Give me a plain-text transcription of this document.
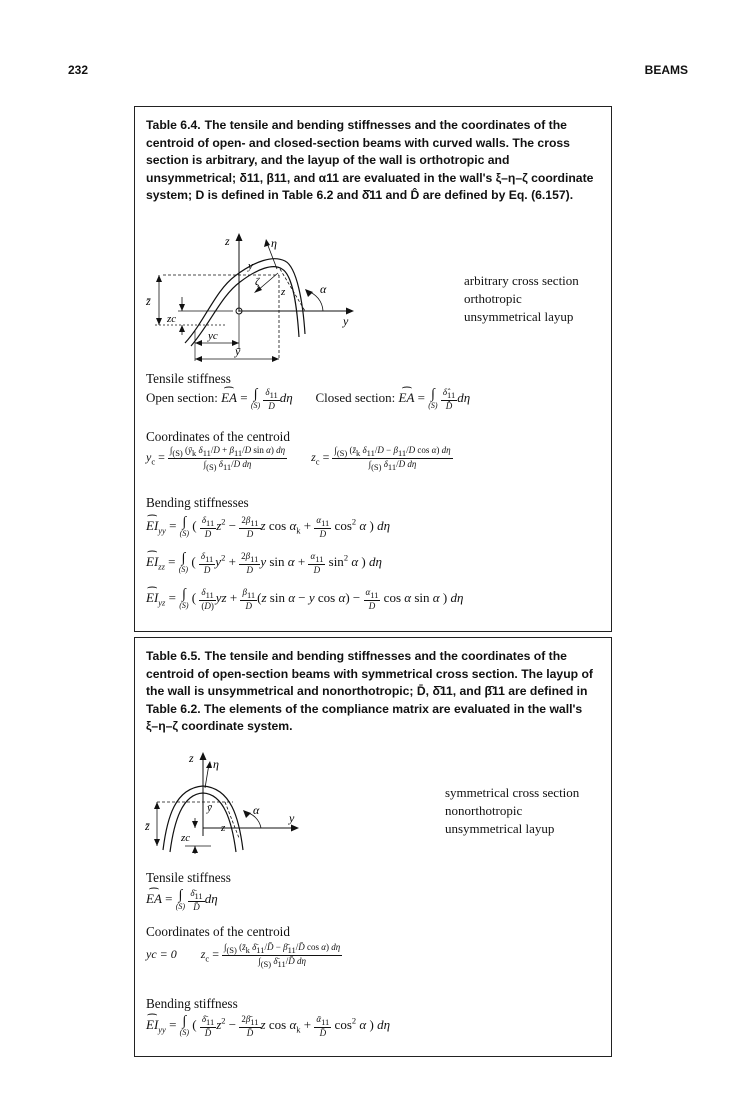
232	BEAMS
Table 6.4. The tensile and bending stiffnesses and the coordinates of the centroid of open- and closed-section beams with curved walls. The cross section is arbitrary, and the layup of the wall is orthotropic and unsymmetrical; δ11, β11, and α11 are evaluated in the wall's ξ–η–ζ coordinate system; D is defined in Table 6.2 and δ̂11 and D̂ are defined by Eq. (6.157).
z
y
η
y
ζ
z	α
z̄
zc
yc
ȳ
arbitrary cross section
orthotropic
unsymmetrical layup
Tensile stiffness
Open section: ⌢ EA = ∫
(S)
$\frac{\delta_{11}}{D}$ dη Closed section: ⌢ EA = ∫
(S)
$\frac{\deltâ_{11}}{D̂}$ dη
Coordinates of the centroid
$y_c = \frac{\int_{(S)} (ȳ_k \delta_{11}/D + \beta_{11}/D \sin \alpha) d\eta}{\int_{(S)} \delta_{11}/D d\eta} z_c = \frac{\int_{(S)} (z̄_k \delta_{11}/D - \beta_{11}/D \cos \alpha) d\eta}{\int_{(S)} \delta_{11}/D d\eta}$
Bending stiffnesses
⌢ $EI_{yy}$ = ∫
(S)
( $\frac{\delta_{11}}{D} z^2 - \frac{2\beta_{11}}{D}$ z $\cos \alpha_k + \frac{\alpha_{11}}{D} \cos^2 \alpha$ ) dη
⌢ $EI_{zz}$ = ∫
(S)
( $\frac{\delta_{11}}{D} y^2 + \frac{2\beta_{11}}{D}$ y $\sin \alpha + \frac{\alpha_{11}}{D} \sin^2 \alpha$ ) dη
⌢ $EI_{yz}$ = ∫
(S)
( $\frac{\delta_{11}}{(D)}$ yz + $\frac{\beta_{11}}{D} (z$ sin α − y $\cos \alpha) - \frac{\alpha_{11}}{D}$ cos α sin α ) dη
Table 6.5. The tensile and bending stiffnesses and the coordinates of the centroid of open-section beams with symmetrical cross section. The layup of the wall is unsymmetrical and nonorthotropic; D̄, δ̄11, and β̄11 are defined in Table 6.2. The elements of the compliance matrix are evaluated in the wall's ξ–η–ζ coordinate system.
z
y
η
ȳ
z
α
z̄
zc
symmetrical cross section
nonorthotropic
unsymmetrical layup
Tensile stiffness
⌢ EA = ∫
(S)
$\frac{\deltā_{11}}{D̄}$ dη
Coordinates of the centroid
yc = 0 $z_c = \frac{\int_{(S)} (z̄_k \deltā_{11}/D̄ - \betā_{11}/D̄ \cos \alpha) d\eta}{\int_{(S)} \deltā_{11}/D̄ d\eta}$
Bending stiffness
⌢ $EI_{yy}$ = ∫
(S)
( $\frac{\deltā_{11}}{D̄} z^2 - \frac{2\betā_{11}}{D̄}$ z $\cos \alpha_k + \frac{ᾱ_{11}}{D̄} \cos^2 \alpha$ ) dη
